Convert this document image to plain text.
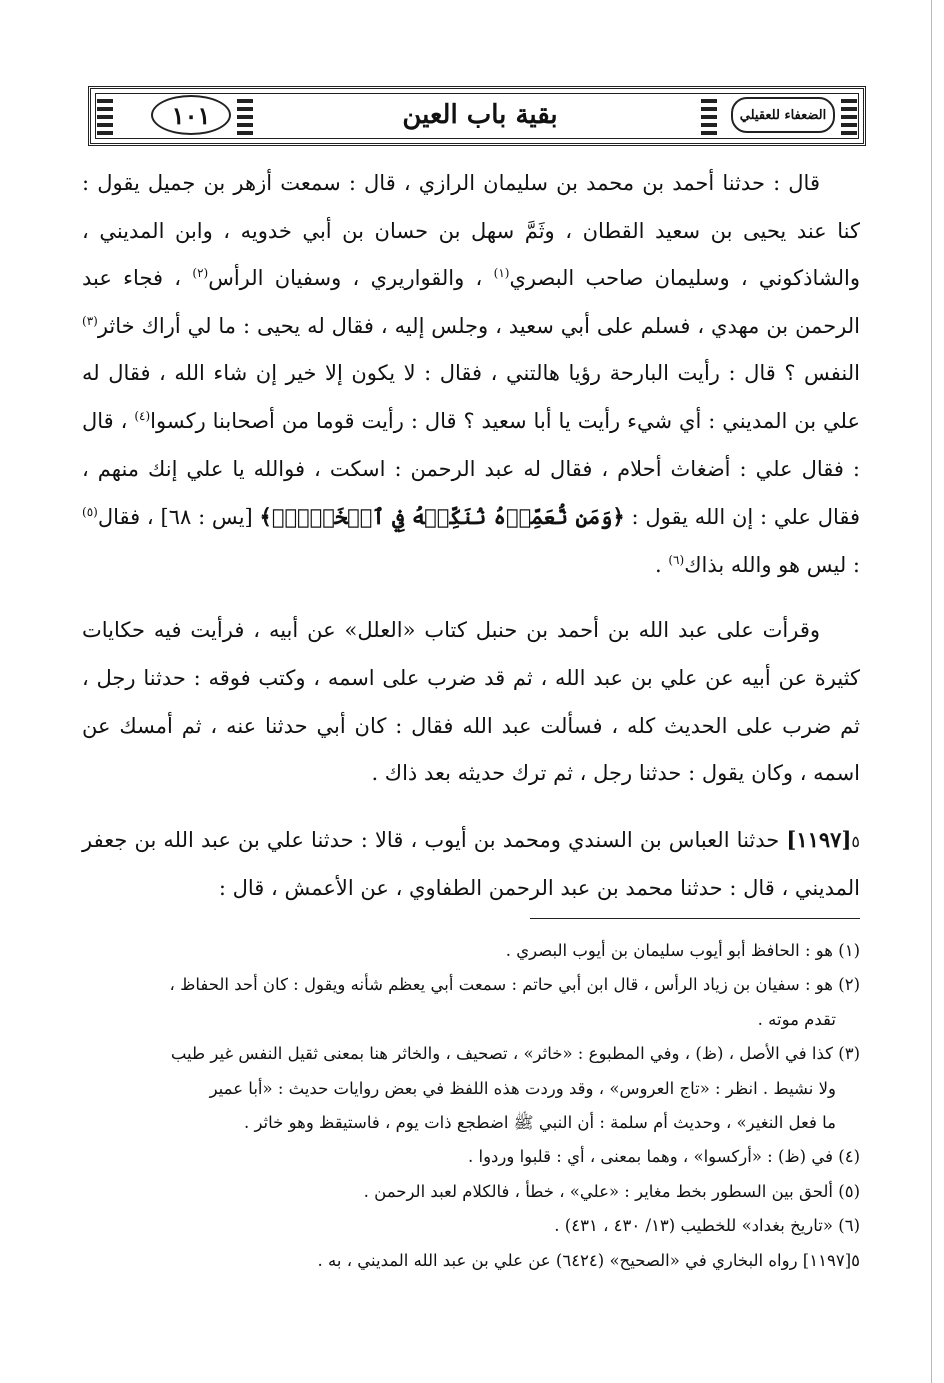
١٠١	بقية باب العين	الضعفاء للعقيلي

قال : حدثنا أحمد بن محمد بن سليمان الرازي ، قال : سمعت أزهر بن جميل يقول : كنا عند يحيى بن سعيد القطان ، وثَمَّ سهل بن حسان بن أبي خدويه ، وابن المديني ، والشاذكوني ، وسليمان صاحب البصري$^{(١)}$ ، والقواريري ، وسفيان الرأس$^{(٢)}$ ، فجاء عبد الرحمن بن مهدي ، فسلم على أبي سعيد ، وجلس إليه ، فقال له يحيى : ما لي أراك خاثر$^{(٣)}$ النفس ؟ قال : رأيت البارحة رؤيا هالتني ، فقال : لا يكون إلا خير إن شاء الله ، فقال له علي بن المديني : أي شيء رأيت يا أبا سعيد ؟ قال : رأيت قوما من أصحابنا ركسوا$^{(٤)}$ ، قال : فقال علي : أضغاث أحلام ، فقال له عبد الرحمن : اسكت ، فوالله يا علي إنك منهم ، فقال علي : إن الله يقول : ﴿وَمَن نُّعَمِّرۡهُ نُنَكِّسۡهُ فِي ٱلۡخَلۡقِۚ﴾ [يس : ٦٨] ، فقال$^{(٥)}$ : ليس هو والله بذاك$^{(٦)}$ .

وقرأت على عبد الله بن أحمد بن حنبل كتاب «العلل» عن أبيه ، فرأيت فيه حكايات كثيرة عن أبيه عن علي بن عبد الله ، ثم قد ضرب على اسمه ، وكتب فوقه : حدثنا رجل ، ثم ضرب على الحديث كله ، فسألت عبد الله فقال : كان أبي حدثنا عنه ، ثم أمسك عن اسمه ، وكان يقول : حدثنا رجل ، ثم ترك حديثه بعد ذاك .

٥[١١٩٧] حدثنا العباس بن السندي ومحمد بن أيوب ، قالا : حدثنا علي بن عبد الله بن جعفر المديني ، قال : حدثنا محمد بن عبد الرحمن الطفاوي ، عن الأعمش ، قال :

(١) هو : الحافظ أبو أيوب سليمان بن أيوب البصري .

(٢) هو : سفيان بن زياد الرأس ، قال ابن أبي حاتم : سمعت أبي يعظم شأنه ويقول : كان أحد الحفاظ ،

تقدم موته .

(٣) كذا في الأصل ، (ظ) ، وفي المطبوع : «خاثر» ، تصحيف ، والخاثر هنا بمعنى ثقيل النفس غير طيب

ولا نشيط . انظر : «تاج العروس» ، وقد وردت هذه اللفظ في بعض روايات حديث : «أبا عمير

ما فعل النغير» ، وحديث أم سلمة : أن النبي ﷺ اضطجع ذات يوم ، فاستيقظ وهو خاثر .

(٤) في (ظ) : «أركسوا» ، وهما بمعنى ، أي : قلبوا وردوا .

(٥) ألحق بين السطور بخط مغاير : «علي» ، خطأ ، فالكلام لعبد الرحمن .

(٦) «تاريخ بغداد» للخطيب (١٣/ ٤٣٠ ، ٤٣١) .

٥[١١٩٧] رواه البخاري في «الصحيح» (٦٤٢٤) عن علي بن عبد الله المديني ، به .
